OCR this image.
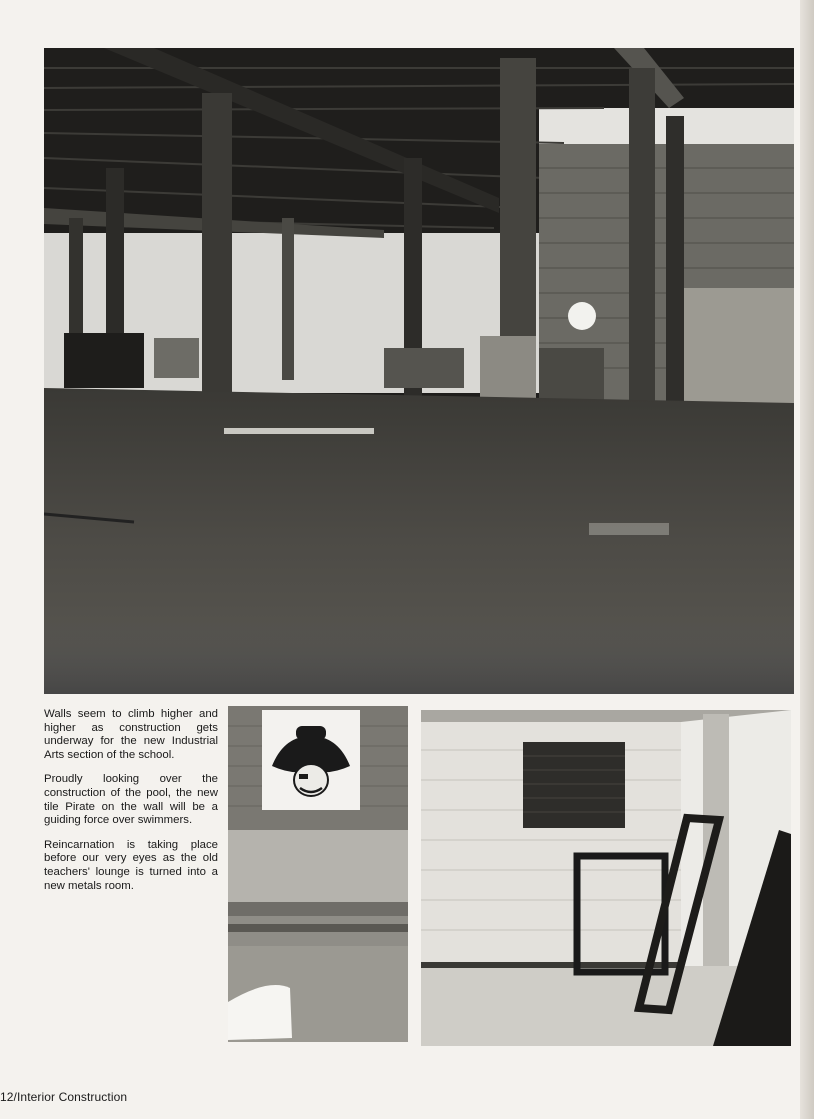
Walls seem to climb higher and higher as construction gets underway for the new Industrial Arts section of the school.

Proudly looking over the construction of the pool, the new tile Pirate on the wall will be a guiding force over swimmers.

Reincarnation is taking place before our very eyes as the old teachers' lounge is turned into a new metals room.

12/Interior Construction
